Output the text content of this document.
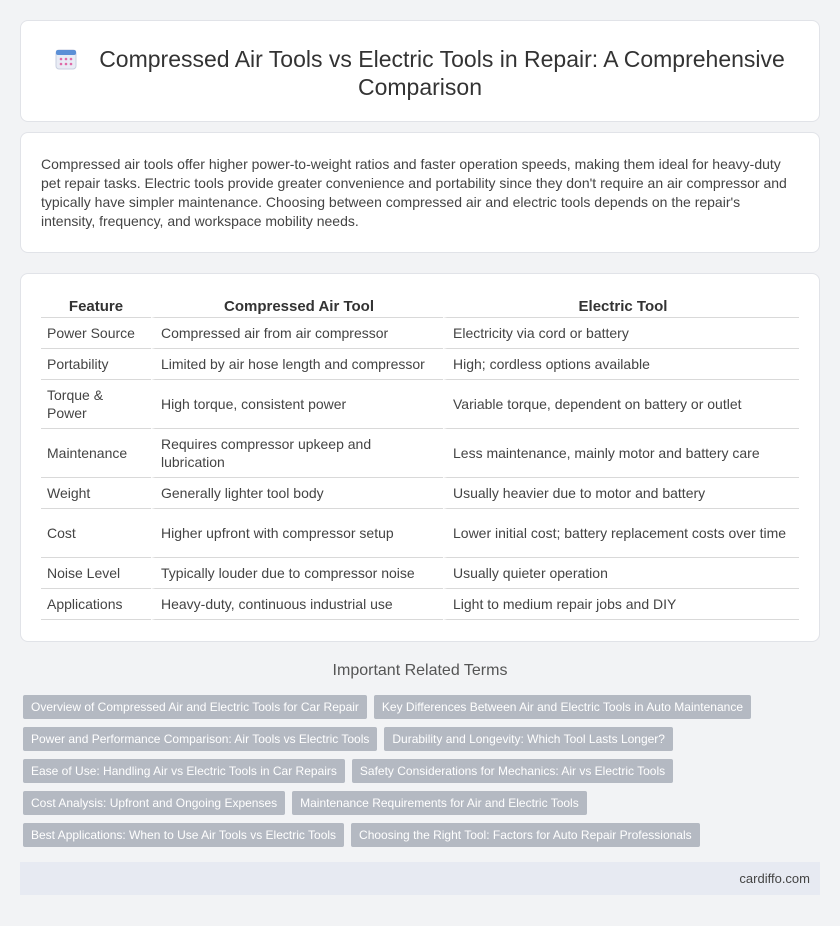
Compressed Air Tools vs Electric Tools in Repair: A Comprehensive Comparison

Compressed air tools offer higher power-to-weight ratios and faster operation speeds, making them ideal for heavy-duty pet repair tasks. Electric tools provide greater convenience and portability since they don't require an air compressor and typically have simpler maintenance. Choosing between compressed air and electric tools depends on the repair's intensity, frequency, and workspace mobility needs.

Feature	Compressed Air Tool	Electric Tool
Power Source	Compressed air from air compressor	Electricity via cord or battery
Portability	Limited by air hose length and compressor	High; cordless options available
Torque & Power	High torque, consistent power	Variable torque, dependent on battery or outlet
Maintenance	Requires compressor upkeep and lubrication	Less maintenance, mainly motor and battery care
Weight	Generally lighter tool body	Usually heavier due to motor and battery
Cost	Higher upfront with compressor setup	Lower initial cost; battery replacement costs over time
Noise Level	Typically louder due to compressor noise	Usually quieter operation
Applications	Heavy-duty, continuous industrial use	Light to medium repair jobs and DIY
Important Related Terms
Overview of Compressed Air and Electric Tools for Car Repair	Key Differences Between Air and Electric Tools in Auto Maintenance
Power and Performance Comparison: Air Tools vs Electric Tools	Durability and Longevity: Which Tool Lasts Longer?
Ease of Use: Handling Air vs Electric Tools in Car Repairs	Safety Considerations for Mechanics: Air vs Electric Tools
Cost Analysis: Upfront and Ongoing Expenses	Maintenance Requirements for Air and Electric Tools
Best Applications: When to Use Air Tools vs Electric Tools	Choosing the Right Tool: Factors for Auto Repair Professionals
cardiffo.com
